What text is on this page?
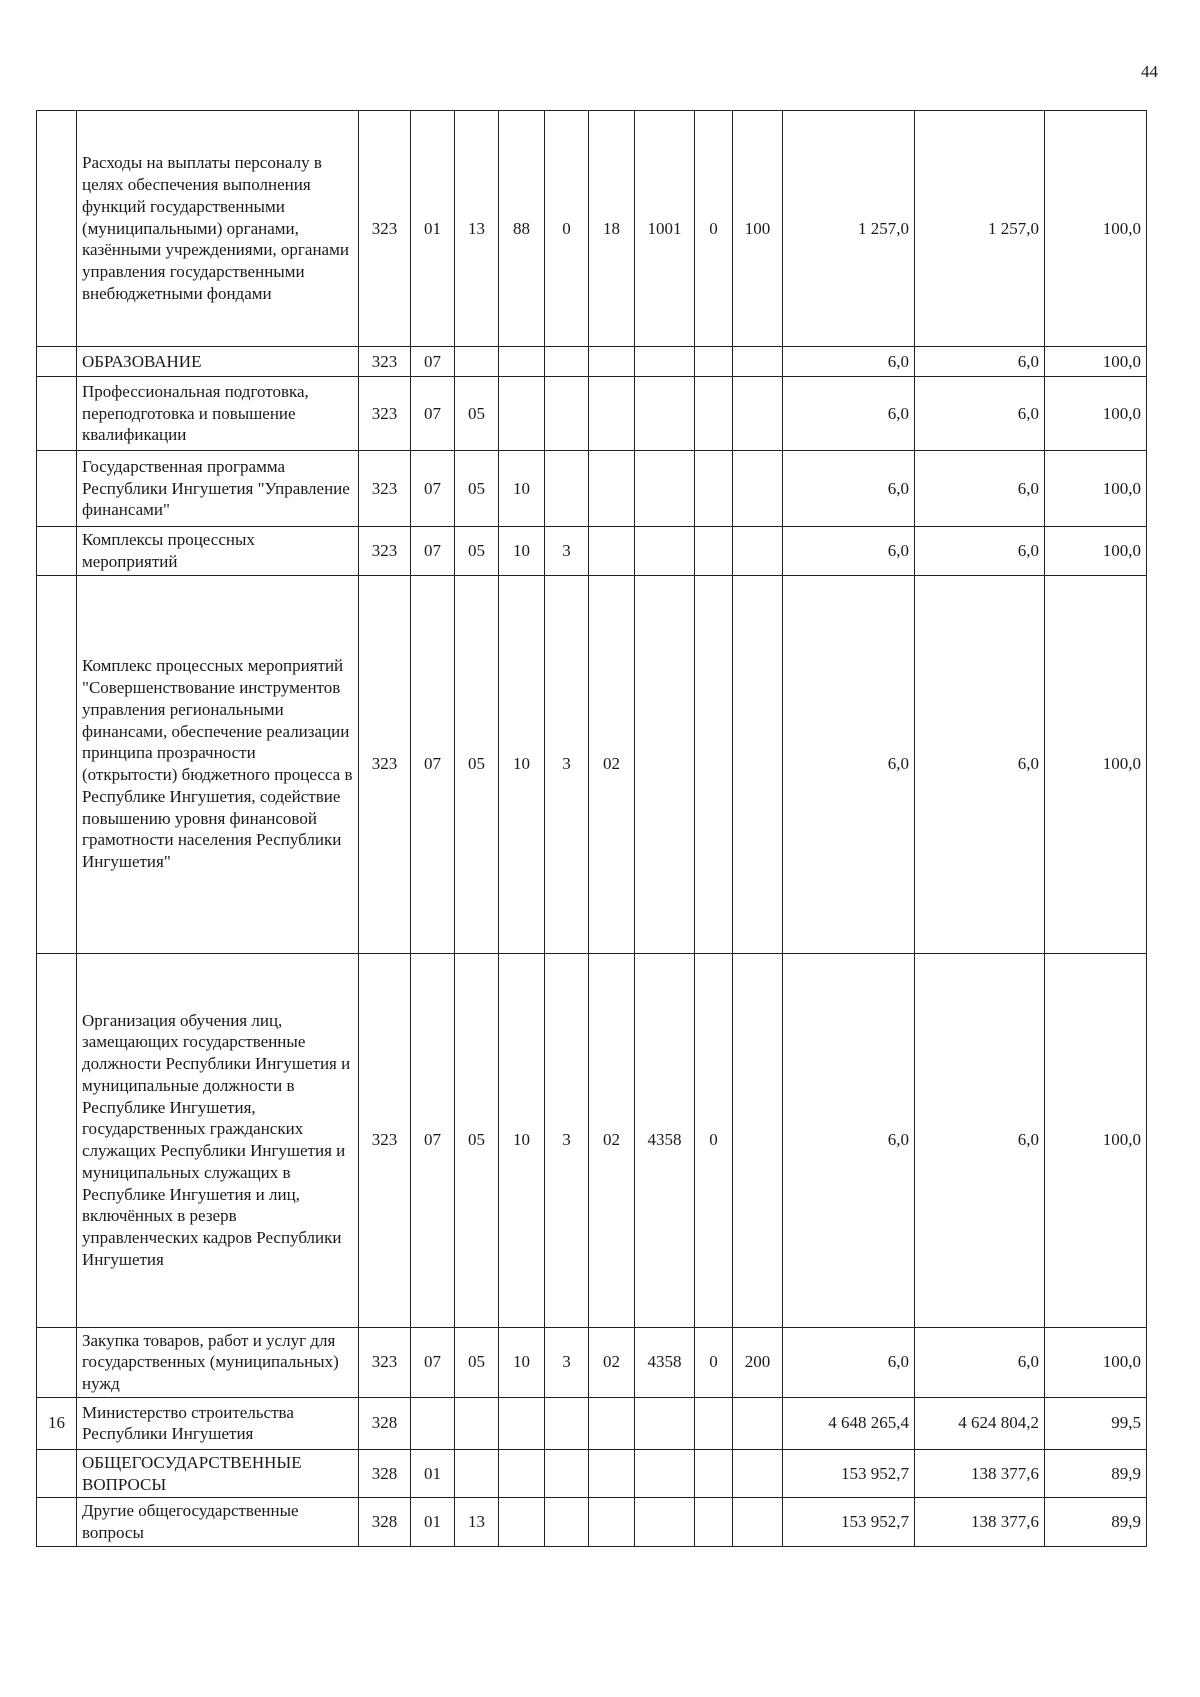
44
	Расходы на выплаты персоналу в целях обеспечения выполнения функций государственными (муниципальными) органами, казёнными учреждениями, органами управления государственными внебюджетными фондами	323	01	13	88	0	18	1001	0	100	1 257,0	1 257,0	100,0
	ОБРАЗОВАНИЕ	323	07								6,0	6,0	100,0
	Профессиональная подготовка, переподготовка и повышение квалификации	323	07	05							6,0	6,0	100,0
	Государственная программа Республики Ингушетия "Управление финансами"	323	07	05	10						6,0	6,0	100,0
	Комплексы процессных мероприятий	323	07	05	10	3					6,0	6,0	100,0
	Комплекс процессных мероприятий "Совершенствование инструментов управления региональными финансами, обеспечение реализации принципа прозрачности (открытости) бюджетного процесса в Республике Ингушетия, содействие повышению уровня финансовой грамотности населения Республики Ингушетия"	323	07	05	10	3	02				6,0	6,0	100,0
	Организация обучения лиц, замещающих государственные должности Республики Ингушетия и муниципальные должности в Республике Ингушетия, государственных гражданских служащих Республики Ингушетия и муниципальных служащих в Республике Ингушетия и лиц, включённых в резерв управленческих кадров Республики Ингушетия	323	07	05	10	3	02	4358	0		6,0	6,0	100,0
	Закупка товаров, работ и услуг для государственных (муниципальных) нужд	323	07	05	10	3	02	4358	0	200	6,0	6,0	100,0
16	Министерство строительства Республики Ингушетия	328									4 648 265,4	4 624 804,2	99,5
	ОБЩЕГОСУДАРСТВЕННЫЕ ВОПРОСЫ	328	01								153 952,7	138 377,6	89,9
	Другие общегосударственные вопросы	328	01	13							153 952,7	138 377,6	89,9
